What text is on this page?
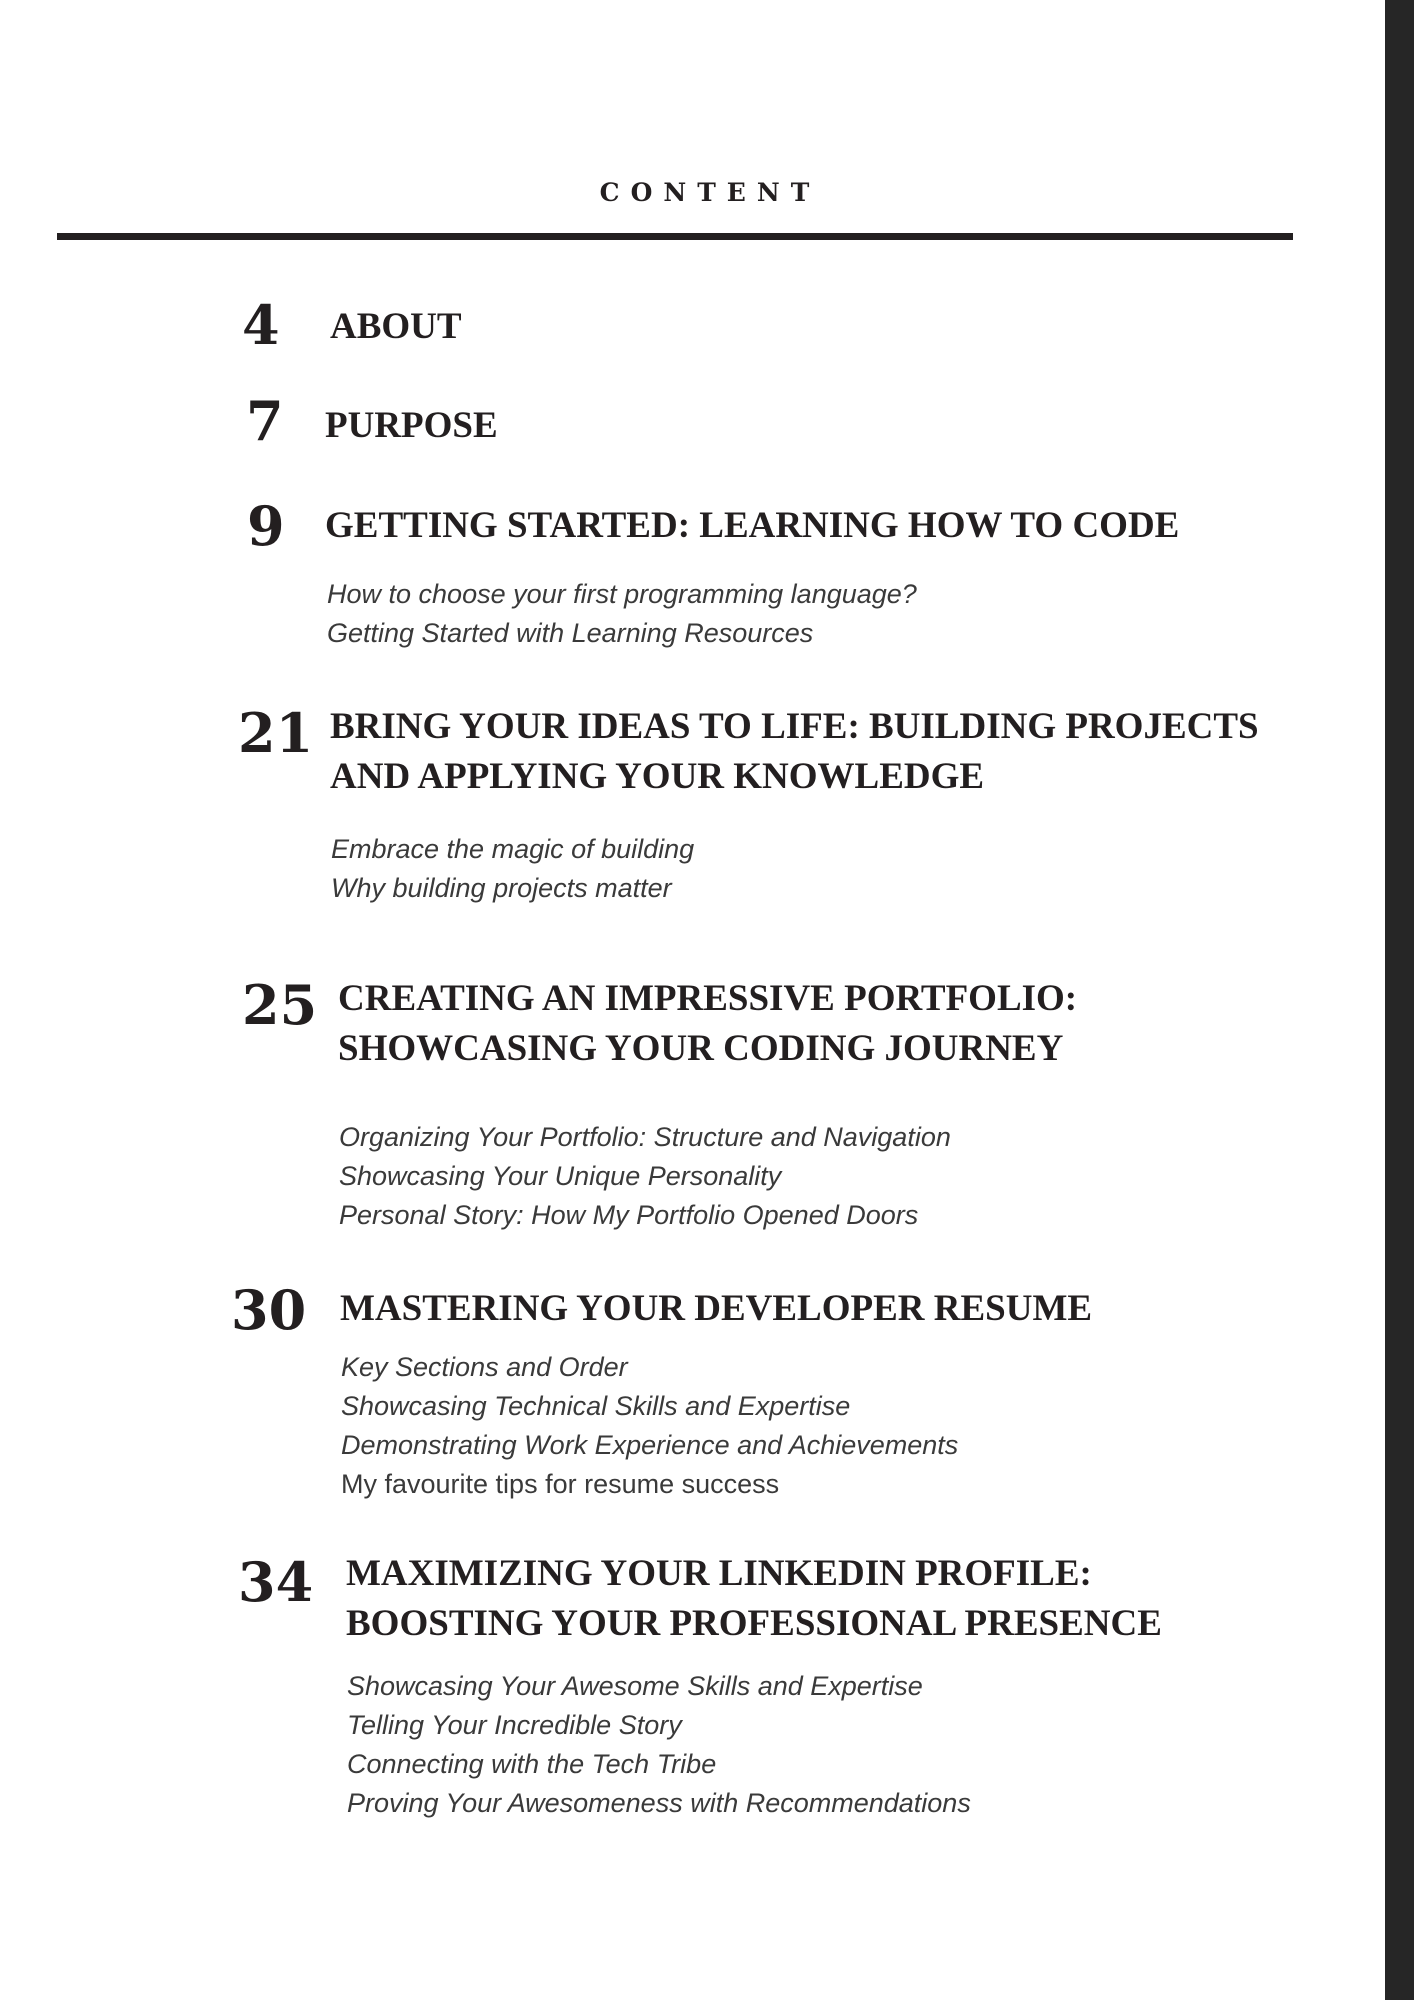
CONTENT
4 ABOUT
7 PURPOSE
9 GETTING STARTED: LEARNING HOW TO CODE
How to choose your first programming language?
Getting Started with Learning Resources
21 BRING YOUR IDEAS TO LIFE: BUILDING PROJECTS
AND APPLYING YOUR KNOWLEDGE
Embrace the magic of building
Why building projects matter
25 CREATING AN IMPRESSIVE PORTFOLIO:
SHOWCASING YOUR CODING JOURNEY
Organizing Your Portfolio: Structure and Navigation
Showcasing Your Unique Personality
Personal Story: How My Portfolio Opened Doors
30 MASTERING YOUR DEVELOPER RESUME
Key Sections and Order
Showcasing Technical Skills and Expertise
Demonstrating Work Experience and Achievements
My favourite tips for resume success
34 MAXIMIZING YOUR LINKEDIN PROFILE:
BOOSTING YOUR PROFESSIONAL PRESENCE
Showcasing Your Awesome Skills and Expertise
Telling Your Incredible Story
Connecting with the Tech Tribe
Proving Your Awesomeness with Recommendations
